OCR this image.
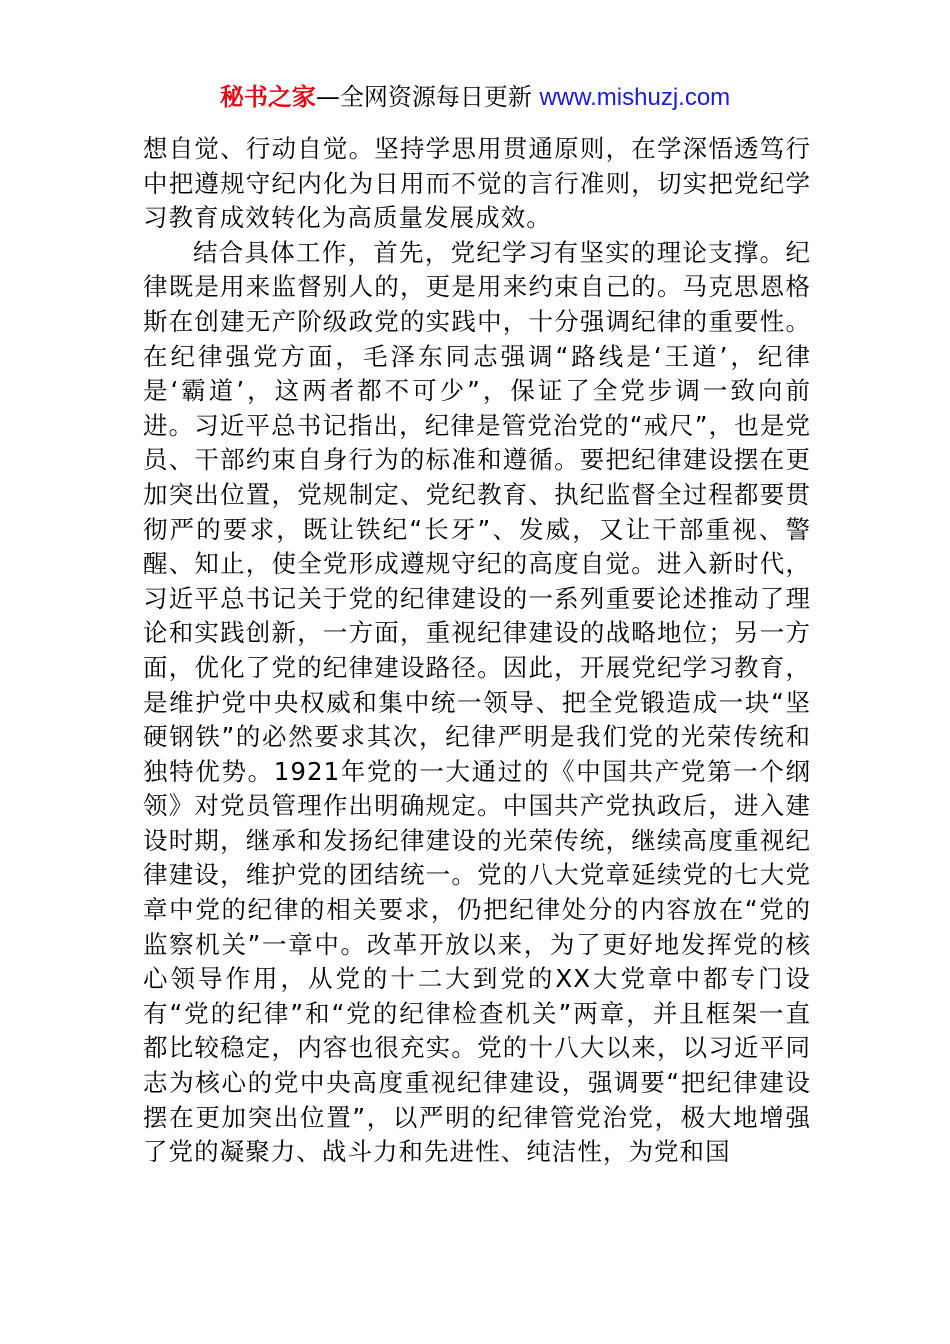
秘书之家—全网资源每日更新 www.mishuzj.com

想自觉、行动自觉。坚持学思用贯通原则，在学深悟透笃行中把遵规守纪内化为日用而不觉的言行准则，切实把党纪学习教育成效转化为高质量发展成效。

结合具体工作，首先，党纪学习有坚实的理论支撑。纪律既是用来监督别人的，更是用来约束自己的。马克思恩格斯在创建无产阶级政党的实践中，十分强调纪律的重要性。在纪律强党方面，毛泽东同志强调“路线是‘王道’，纪律是‘霸道’，这两者都不可少”，保证了全党步调一致向前进。习近平总书记指出，纪律是管党治党的“戒尺”，也是党员、干部约束自身行为的标准和遵循。要把纪律建设摆在更加突出位置，党规制定、党纪教育、执纪监督全过程都要贯彻严的要求，既让铁纪“长牙”、发威，又让干部重视、警醒、知止，使全党形成遵规守纪的高度自觉。进入新时代，习近平总书记关于党的纪律建设的一系列重要论述推动了理论和实践创新，一方面，重视纪律建设的战略地位；另一方面，优化了党的纪律建设路径。因此，开展党纪学习教育，是维护党中央权威和集中统一领导、把全党锻造成一块“坚硬钢铁”的必然要求其次，纪律严明是我们党的光荣传统和独特优势。1921年党的一大通过的《中国共产党第一个纲领》对党员管理作出明确规定。中国共产党执政后，进入建设时期，继承和发扬纪律建设的光荣传统，继续高度重视纪律建设，维护党的团结统一。党的八大党章延续党的七大党章中党的纪律的相关要求，仍把纪律处分的内容放在“党的监察机关”一章中。改革开放以来，为了更好地发挥党的核心领导作用，从党的十二大到党的XX大党章中都专门设有“党的纪律”和“党的纪律检查机关”两章，并且框架一直都比较稳定，内容也很充实。党的十八大以来，以习近平同志为核心的党中央高度重视纪律建设，强调要“把纪律建设摆在更加突出位置”，以严明的纪律管党治党，极大地增强了党的凝聚力、战斗力和先进性、纯洁性，为党和国
